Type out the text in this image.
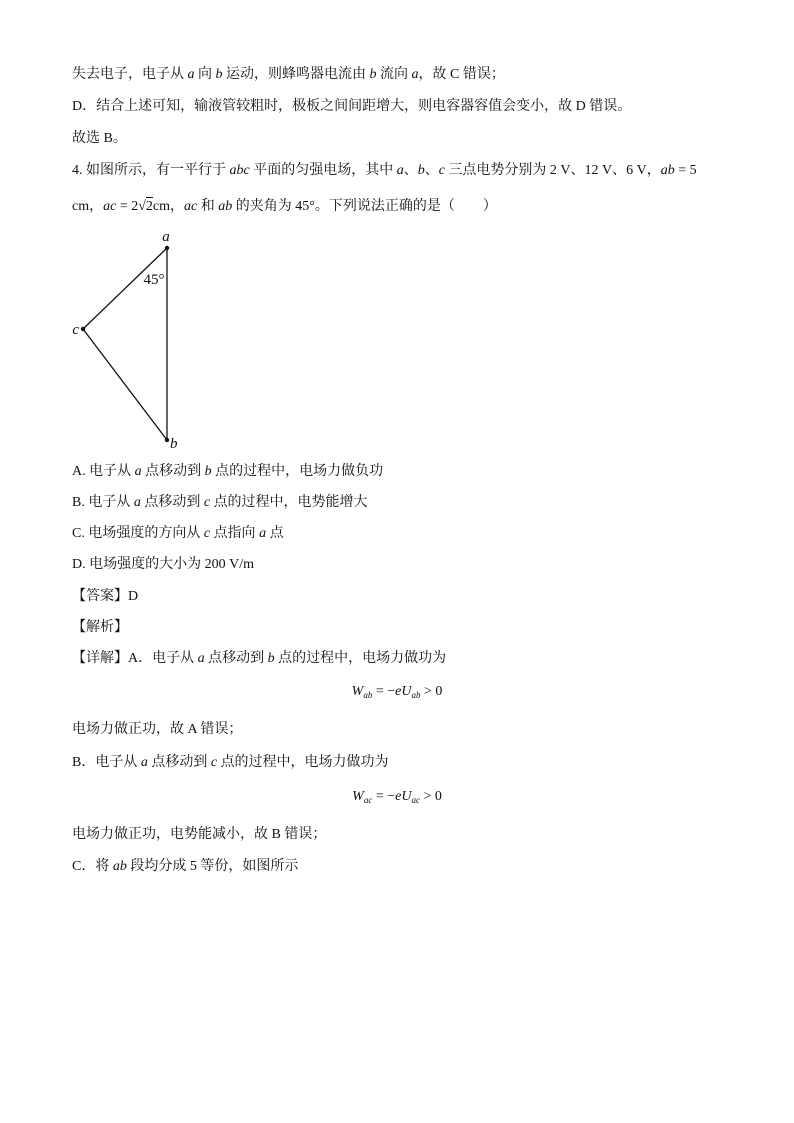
失去电子，电子从 a 向 b 运动，则蜂鸣器电流由 b 流向 a，故 C 错误；
D．结合上述可知，输液管较粗时，极板之间间距增大，则电容器容值会变小，故 D 错误。
故选 B。
4. 如图所示，有一平行于 abc 平面的匀强电场，其中 a、b、c 三点电势分别为 2 V、12 V、6 V，ab = 5
cm，ac = 2√2cm，ac 和 ab 的夹角为 45°。下列说法正确的是（　　）
a
45°
c
b
A. 电子从 a 点移动到 b 点的过程中，电场力做负功
B. 电子从 a 点移动到 c 点的过程中，电势能增大
C. 电场强度的方向从 c 点指向 a 点
D. 电场强度的大小为 200 V/m
【答案】D
【解析】
【详解】A．电子从 a 点移动到 b 点的过程中，电场力做功为
$W_{ab} = -eU_{ab} > 0$
电场力做正功，故 A 错误；
B．电子从 a 点移动到 c 点的过程中，电场力做功为
$W_{ac} = -eU_{ac} > 0$
电场力做正功，电势能减小，故 B 错误；
C．将 ab 段均分成 5 等份，如图所示
